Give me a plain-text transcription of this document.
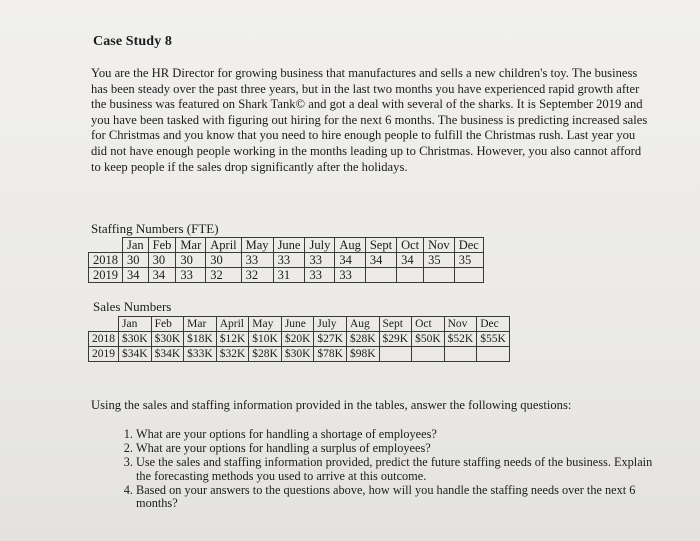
Case Study 8

You are the HR Director for growing business that manufactures and sells a new children's toy. The business has been steady over the past three years, but in the last two months you have experienced rapid growth after the business was featured on Shark Tank© and got a deal with several of the sharks. It is September 2019 and you have been tasked with figuring out hiring for the next 6 months. The business is predicting increased sales for Christmas and you know that you need to hire enough people to fulfill the Christmas rush. Last year you did not have enough people working in the months leading up to Christmas. However, you also cannot afford to keep people if the sales drop significantly after the holidays.

Staffing Numbers (FTE)
	Jan	Feb	Mar	April	May	June	July	Aug	Sept	Oct	Nov	Dec
2018	30	30	30	30	33	33	33	34	34	34	35	35
2019	34	34	33	32	32	31	33	33				
Sales Numbers
	Jan	Feb	Mar	April	May	June	July	Aug	Sept	Oct	Nov	Dec
2018	$30K	$30K	$18K	$12K	$10K	$20K	$27K	$28K	$29K	$50K	$52K	$55K
2019	$34K	$34K	$33K	$32K	$28K	$30K	$78K	$98K				
Using the sales and staffing information provided in the tables, answer the following questions:
1. What are your options for handling a shortage of employees?
2. What are your options for handling a surplus of employees?
3. Use the sales and staffing information provided, predict the future staffing needs of the business. Explain the forecasting methods you used to arrive at this outcome.
4. Based on your answers to the questions above, how will you handle the staffing needs over the next 6 months?
